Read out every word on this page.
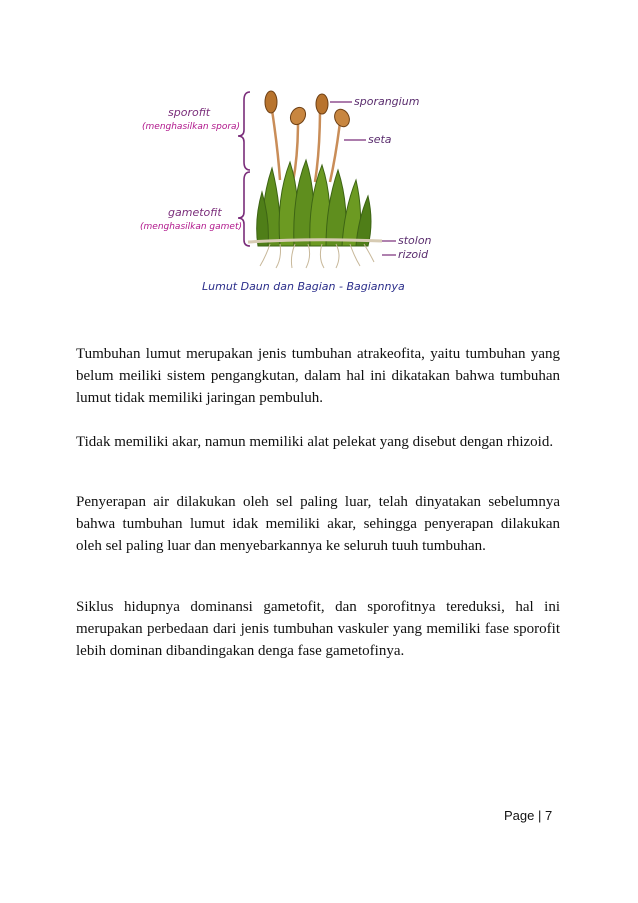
sporofit
(menghasilkan spora)
gametofit
(menghasilkan gamet)
sporangium
seta
stolon
rizoid
Lumut Daun dan Bagian - Bagiannya

Tumbuhan lumut merupakan jenis tumbuhan atrakeofita, yaitu tumbuhan yang belum meiliki sistem pengangkutan, dalam hal ini dikatakan bahwa tumbuhan lumut tidak memiliki jaringan pembuluh.

Tidak memiliki akar, namun memiliki alat pelekat yang disebut dengan rhizoid.

Penyerapan air dilakukan oleh sel paling luar, telah dinyatakan sebelumnya bahwa tumbuhan lumut idak memiliki akar, sehingga penyerapan dilakukan oleh sel paling luar dan menyebarkannya ke seluruh tuuh tumbuhan.

Siklus hidupnya dominansi gametofit, dan sporofitnya tereduksi, hal ini merupakan perbedaan dari jenis tumbuhan vaskuler yang memiliki fase sporofit lebih dominan dibandingakan denga fase gametofinya.

Page | 7
